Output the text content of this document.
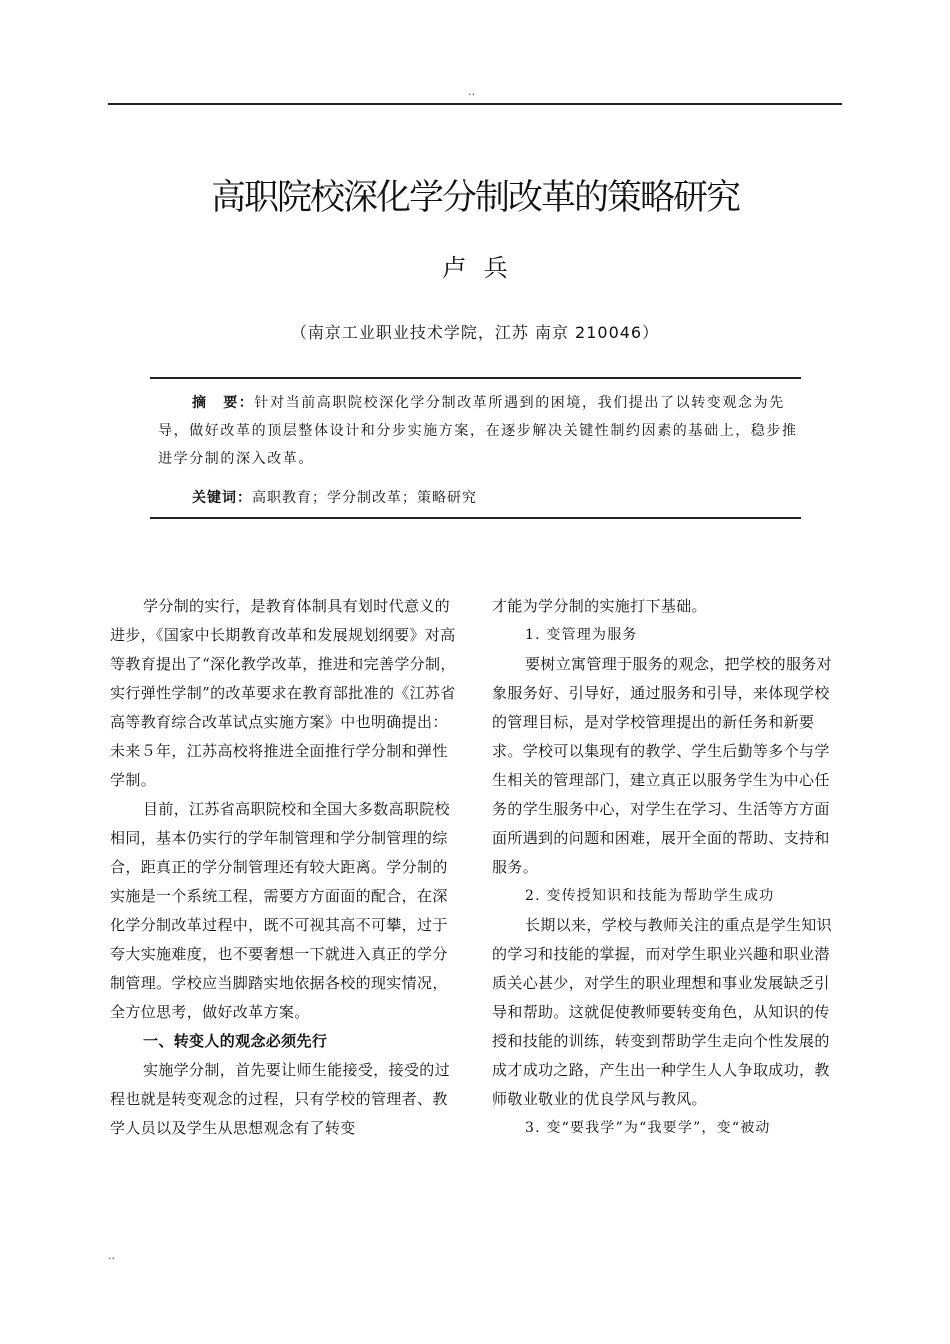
..
高职院校深化学分制改革的策略研究
卢 兵
（南京工业职业技术学院，江苏 南京 210046）
摘　要：针对当前高职院校深化学分制改革所遇到的困境，我们提出了以转变观念为先导，做好改革的顶层整体设计和分步实施方案，在逐步解决关键性制约因素的基础上，稳步推进学分制的深入改革。
关键词：高职教育；学分制改革；策略研究

学分制的实行，是教育体制具有划时代意义的进步，《国家中长期教育改革和发展规划纲要》对高等教育提出了“深化教学改革，推进和完善学分制，实行弹性学制”的改革要求在教育部批准的《江苏省高等教育综合改革试点实施方案》中也明确提出：未来５年，江苏高校将推进全面推行学分制和弹性学制。

目前，江苏省高职院校和全国大多数高职院校相同，基本仍实行的学年制管理和学分制管理的综合，距真正的学分制管理还有较大距离。学分制的实施是一个系统工程，需要方方面面的配合，在深化学分制改革过程中，既不可视其高不可攀，过于夸大实施难度，也不要奢想一下就进入真正的学分制管理。学校应当脚踏实地依据各校的现实情况，全方位思考，做好改革方案。

一、转变人的观念必须先行

实施学分制，首先要让师生能接受，接受的过程也就是转变观念的过程，只有学校的管理者、教学人员以及学生从思想观念有了转变

才能为学分制的实施打下基础。

1. 变管理为服务

要树立寓管理于服务的观念，把学校的服务对象服务好、引导好，通过服务和引导，来体现学校的管理目标，是对学校管理提出的新任务和新要求。学校可以集现有的教学、学生后勤等多个与学生相关的管理部门，建立真正以服务学生为中心任务的学生服务中心，对学生在学习、生活等方方面面所遇到的问题和困难，展开全面的帮助、支持和服务。

2. 变传授知识和技能为帮助学生成功

长期以来，学校与教师关注的重点是学生知识的学习和技能的掌握，而对学生职业兴趣和职业潜质关心甚少，对学生的职业理想和事业发展缺乏引导和帮助。这就促使教师要转变角色，从知识的传授和技能的训练，转变到帮助学生走向个性发展的成才成功之路，产生出一种学生人人争取成功，教师敬业敬业的优良学风与教风。

3. 变“要我学”为“我要学”，变“被动

..
